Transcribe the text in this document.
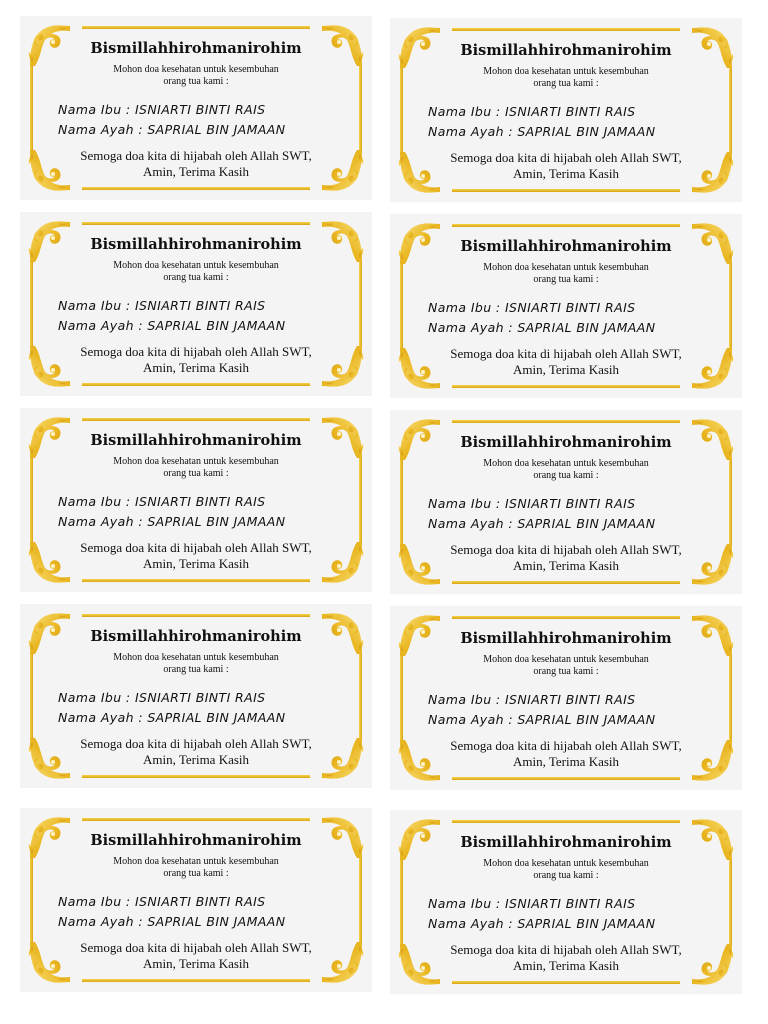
Bismillahhirohmanirohim
Mohon doa kesehatan untuk kesembuhan
orang tua kami :
Nama Ibu : ISNIARTI BINTI RAIS
Nama Ayah : SAPRIAL BIN JAMAAN
Semoga doa kita di hijabah oleh Allah SWT,
Amin, Terima Kasih
Bismillahhirohmanirohim
Mohon doa kesehatan untuk kesembuhan
orang tua kami :
Nama Ibu : ISNIARTI BINTI RAIS
Nama Ayah : SAPRIAL BIN JAMAAN
Semoga doa kita di hijabah oleh Allah SWT,
Amin, Terima Kasih
Bismillahhirohmanirohim
Mohon doa kesehatan untuk kesembuhan
orang tua kami :
Nama Ibu : ISNIARTI BINTI RAIS
Nama Ayah : SAPRIAL BIN JAMAAN
Semoga doa kita di hijabah oleh Allah SWT,
Amin, Terima Kasih
Bismillahhirohmanirohim
Mohon doa kesehatan untuk kesembuhan
orang tua kami :
Nama Ibu : ISNIARTI BINTI RAIS
Nama Ayah : SAPRIAL BIN JAMAAN
Semoga doa kita di hijabah oleh Allah SWT,
Amin, Terima Kasih
Bismillahhirohmanirohim
Mohon doa kesehatan untuk kesembuhan
orang tua kami :
Nama Ibu : ISNIARTI BINTI RAIS
Nama Ayah : SAPRIAL BIN JAMAAN
Semoga doa kita di hijabah oleh Allah SWT,
Amin, Terima Kasih
Bismillahhirohmanirohim
Mohon doa kesehatan untuk kesembuhan
orang tua kami :
Nama Ibu : ISNIARTI BINTI RAIS
Nama Ayah : SAPRIAL BIN JAMAAN
Semoga doa kita di hijabah oleh Allah SWT,
Amin, Terima Kasih
Bismillahhirohmanirohim
Mohon doa kesehatan untuk kesembuhan
orang tua kami :
Nama Ibu : ISNIARTI BINTI RAIS
Nama Ayah : SAPRIAL BIN JAMAAN
Semoga doa kita di hijabah oleh Allah SWT,
Amin, Terima Kasih
Bismillahhirohmanirohim
Mohon doa kesehatan untuk kesembuhan
orang tua kami :
Nama Ibu : ISNIARTI BINTI RAIS
Nama Ayah : SAPRIAL BIN JAMAAN
Semoga doa kita di hijabah oleh Allah SWT,
Amin, Terima Kasih
Bismillahhirohmanirohim
Mohon doa kesehatan untuk kesembuhan
orang tua kami :
Nama Ibu : ISNIARTI BINTI RAIS
Nama Ayah : SAPRIAL BIN JAMAAN
Semoga doa kita di hijabah oleh Allah SWT,
Amin, Terima Kasih
Bismillahhirohmanirohim
Mohon doa kesehatan untuk kesembuhan
orang tua kami :
Nama Ibu : ISNIARTI BINTI RAIS
Nama Ayah : SAPRIAL BIN JAMAAN
Semoga doa kita di hijabah oleh Allah SWT,
Amin, Terima Kasih
